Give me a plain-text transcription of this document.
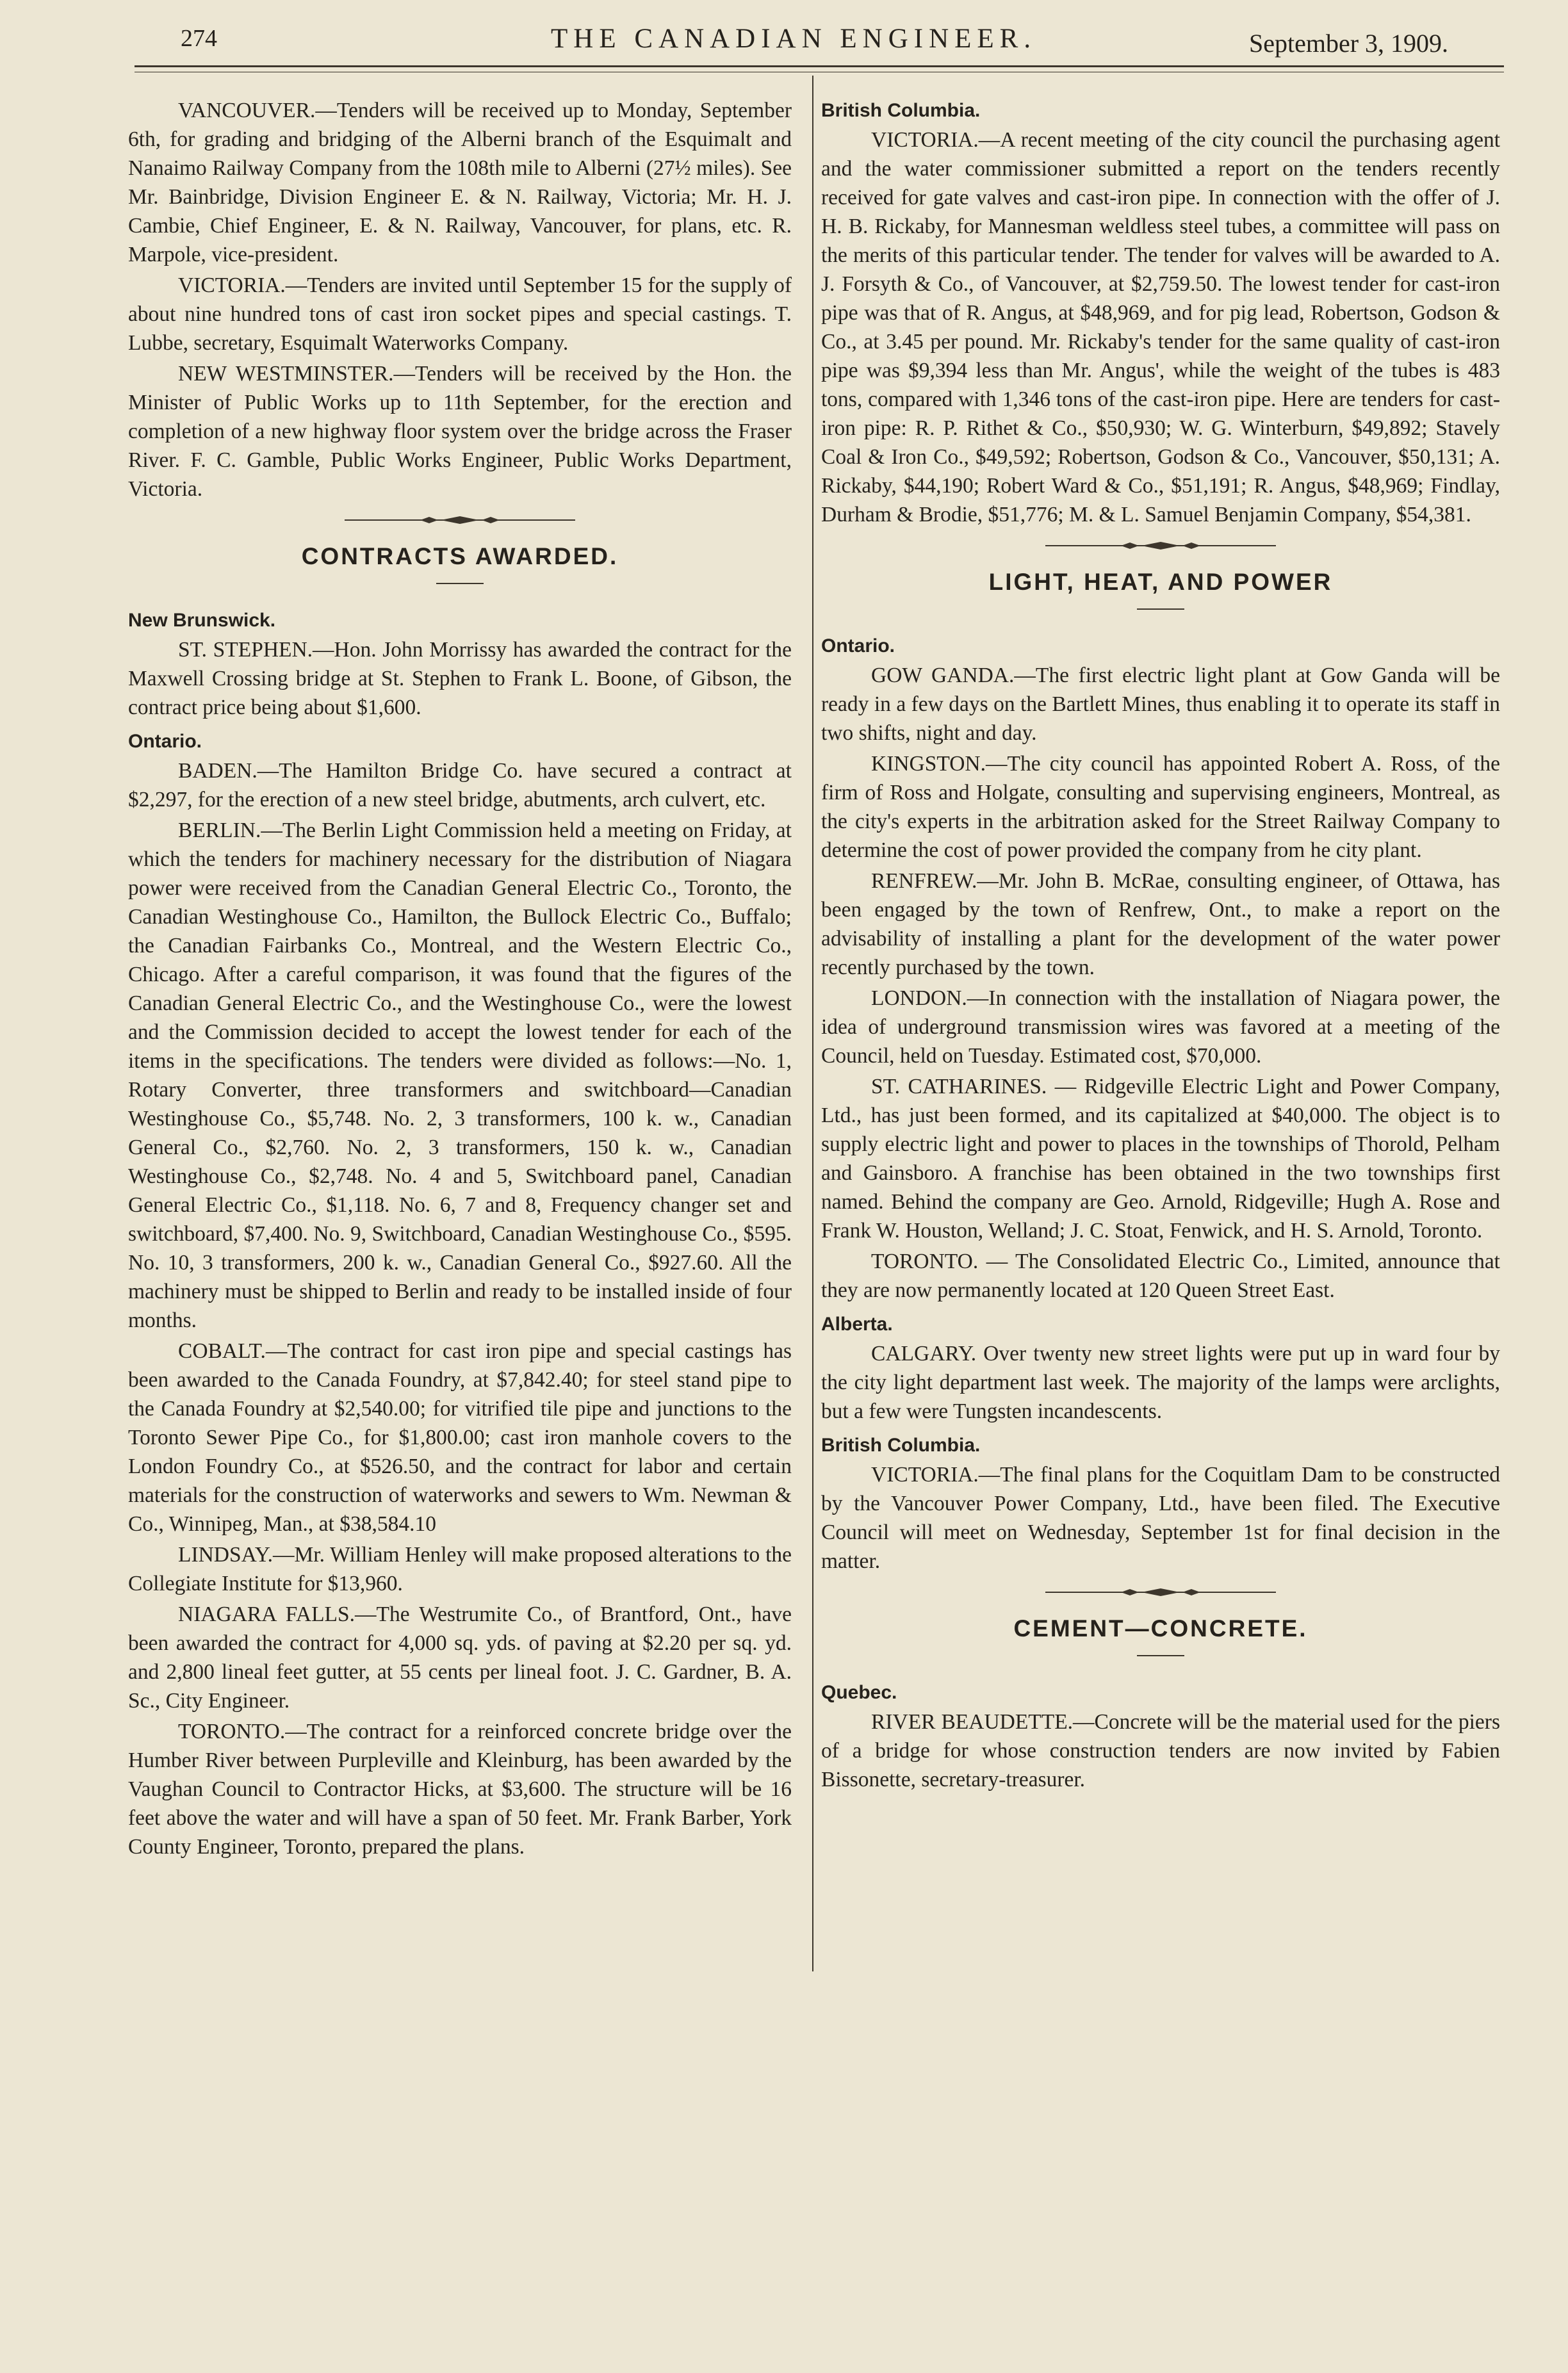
274	THE CANADIAN ENGINEER.	September 3, 1909.

VANCOUVER.—Tenders will be received up to Monday, September 6th, for grading and bridging of the Alberni branch of the Esquimalt and Nanaimo Railway Company from the 108th mile to Alberni (27½ miles). See Mr. Bainbridge, Division Engineer E. & N. Railway, Victoria; Mr. H. J. Cambie, Chief Engineer, E. & N. Railway, Vancouver, for plans, etc. R. Marpole, vice-president.

VICTORIA.—Tenders are invited until September 15 for the supply of about nine hundred tons of cast iron socket pipes and special castings. T. Lubbe, secretary, Esquimalt Waterworks Company.

NEW WESTMINSTER.—Tenders will be received by the Hon. the Minister of Public Works up to 11th September, for the erection and completion of a new highway floor system over the bridge across the Fraser River. F. C. Gamble, Public Works Engineer, Public Works Department, Victoria.

CONTRACTS AWARDED.
New Brunswick.

ST. STEPHEN.—Hon. John Morrissy has awarded the contract for the Maxwell Crossing bridge at St. Stephen to Frank L. Boone, of Gibson, the contract price being about $1,600.

Ontario.

BADEN.—The Hamilton Bridge Co. have secured a contract at $2,297, for the erection of a new steel bridge, abutments, arch culvert, etc.

BERLIN.—The Berlin Light Commission held a meeting on Friday, at which the tenders for machinery necessary for the distribution of Niagara power were received from the Canadian General Electric Co., Toronto, the Canadian Westinghouse Co., Hamilton, the Bullock Electric Co., Buffalo; the Canadian Fairbanks Co., Montreal, and the Western Electric Co., Chicago. After a careful comparison, it was found that the figures of the Canadian General Electric Co., and the Westinghouse Co., were the lowest and the Commission decided to accept the lowest tender for each of the items in the specifications. The tenders were divided as follows:—No. 1, Rotary Converter, three transformers and switchboard—Canadian Westinghouse Co., $5,748. No. 2, 3 transformers, 100 k. w., Canadian General Co., $2,760. No. 2, 3 transformers, 150 k. w., Canadian Westinghouse Co., $2,748. No. 4 and 5, Switchboard panel, Canadian General Electric Co., $1,118. No. 6, 7 and 8, Frequency changer set and switchboard, $7,400. No. 9, Switchboard, Canadian Westinghouse Co., $595. No. 10, 3 transformers, 200 k. w., Canadian General Co., $927.60. All the machinery must be shipped to Berlin and ready to be installed inside of four months.

COBALT.—The contract for cast iron pipe and special castings has been awarded to the Canada Foundry, at $7,842.40; for steel stand pipe to the Canada Foundry at $2,540.00; for vitrified tile pipe and junctions to the Toronto Sewer Pipe Co., for $1,800.00; cast iron manhole covers to the London Foundry Co., at $526.50, and the contract for labor and certain materials for the construction of waterworks and sewers to Wm. Newman & Co., Winnipeg, Man., at $38,584.10

LINDSAY.—Mr. William Henley will make proposed alterations to the Collegiate Institute for $13,960.

NIAGARA FALLS.—The Westrumite Co., of Brantford, Ont., have been awarded the contract for 4,000 sq. yds. of paving at $2.20 per sq. yd. and 2,800 lineal feet gutter, at 55 cents per lineal foot. J. C. Gardner, B. A. Sc., City Engineer.

TORONTO.—The contract for a reinforced concrete bridge over the Humber River between Purpleville and Kleinburg, has been awarded by the Vaughan Council to Contractor Hicks, at $3,600. The structure will be 16 feet above the water and will have a span of 50 feet. Mr. Frank Barber, York County Engineer, Toronto, prepared the plans.

British Columbia.

VICTORIA.—A recent meeting of the city council the purchasing agent and the water commissioner submitted a report on the tenders recently received for gate valves and cast-iron pipe. In connection with the offer of J. H. B. Rickaby, for Mannesman weldless steel tubes, a committee will pass on the merits of this particular tender. The tender for valves will be awarded to A. J. Forsyth & Co., of Vancouver, at $2,759.50. The lowest tender for cast-iron pipe was that of R. Angus, at $48,969, and for pig lead, Robertson, Godson & Co., at 3.45 per pound. Mr. Rickaby's tender for the same quality of cast-iron pipe was $9,394 less than Mr. Angus', while the weight of the tubes is 483 tons, compared with 1,346 tons of the cast-iron pipe. Here are tenders for cast-iron pipe: R. P. Rithet & Co., $50,930; W. G. Winterburn, $49,892; Stavely Coal & Iron Co., $49,592; Robertson, Godson & Co., Vancouver, $50,131; A. Rickaby, $44,190; Robert Ward & Co., $51,191; R. Angus, $48,969; Findlay, Durham & Brodie, $51,776; M. & L. Samuel Benjamin Company, $54,381.

LIGHT, HEAT, AND POWER
Ontario.

GOW GANDA.—The first electric light plant at Gow Ganda will be ready in a few days on the Bartlett Mines, thus enabling it to operate its staff in two shifts, night and day.

KINGSTON.—The city council has appointed Robert A. Ross, of the firm of Ross and Holgate, consulting and supervising engineers, Montreal, as the city's experts in the arbitration asked for the Street Railway Company to determine the cost of power provided the company from he city plant.

RENFREW.—Mr. John B. McRae, consulting engineer, of Ottawa, has been engaged by the town of Renfrew, Ont., to make a report on the advisability of installing a plant for the development of the water power recently purchased by the town.

LONDON.—In connection with the installation of Niagara power, the idea of underground transmission wires was favored at a meeting of the Council, held on Tuesday. Estimated cost, $70,000.

ST. CATHARINES. — Ridgeville Electric Light and Power Company, Ltd., has just been formed, and its capitalized at $40,000. The object is to supply electric light and power to places in the townships of Thorold, Pelham and Gainsboro. A franchise has been obtained in the two townships first named. Behind the company are Geo. Arnold, Ridgeville; Hugh A. Rose and Frank W. Houston, Welland; J. C. Stoat, Fenwick, and H. S. Arnold, Toronto.

TORONTO. — The Consolidated Electric Co., Limited, announce that they are now permanently located at 120 Queen Street East.

Alberta.

CALGARY. Over twenty new street lights were put up in ward four by the city light department last week. The majority of the lamps were arclights, but a few were Tungsten incandescents.

British Columbia.

VICTORIA.—The final plans for the Coquitlam Dam to be constructed by the Vancouver Power Company, Ltd., have been filed. The Executive Council will meet on Wednesday, September 1st for final decision in the matter.

CEMENT—CONCRETE.
Quebec.

RIVER BEAUDETTE.—Concrete will be the material used for the piers of a bridge for whose construction tenders are now invited by Fabien Bissonette, secretary-treasurer.
